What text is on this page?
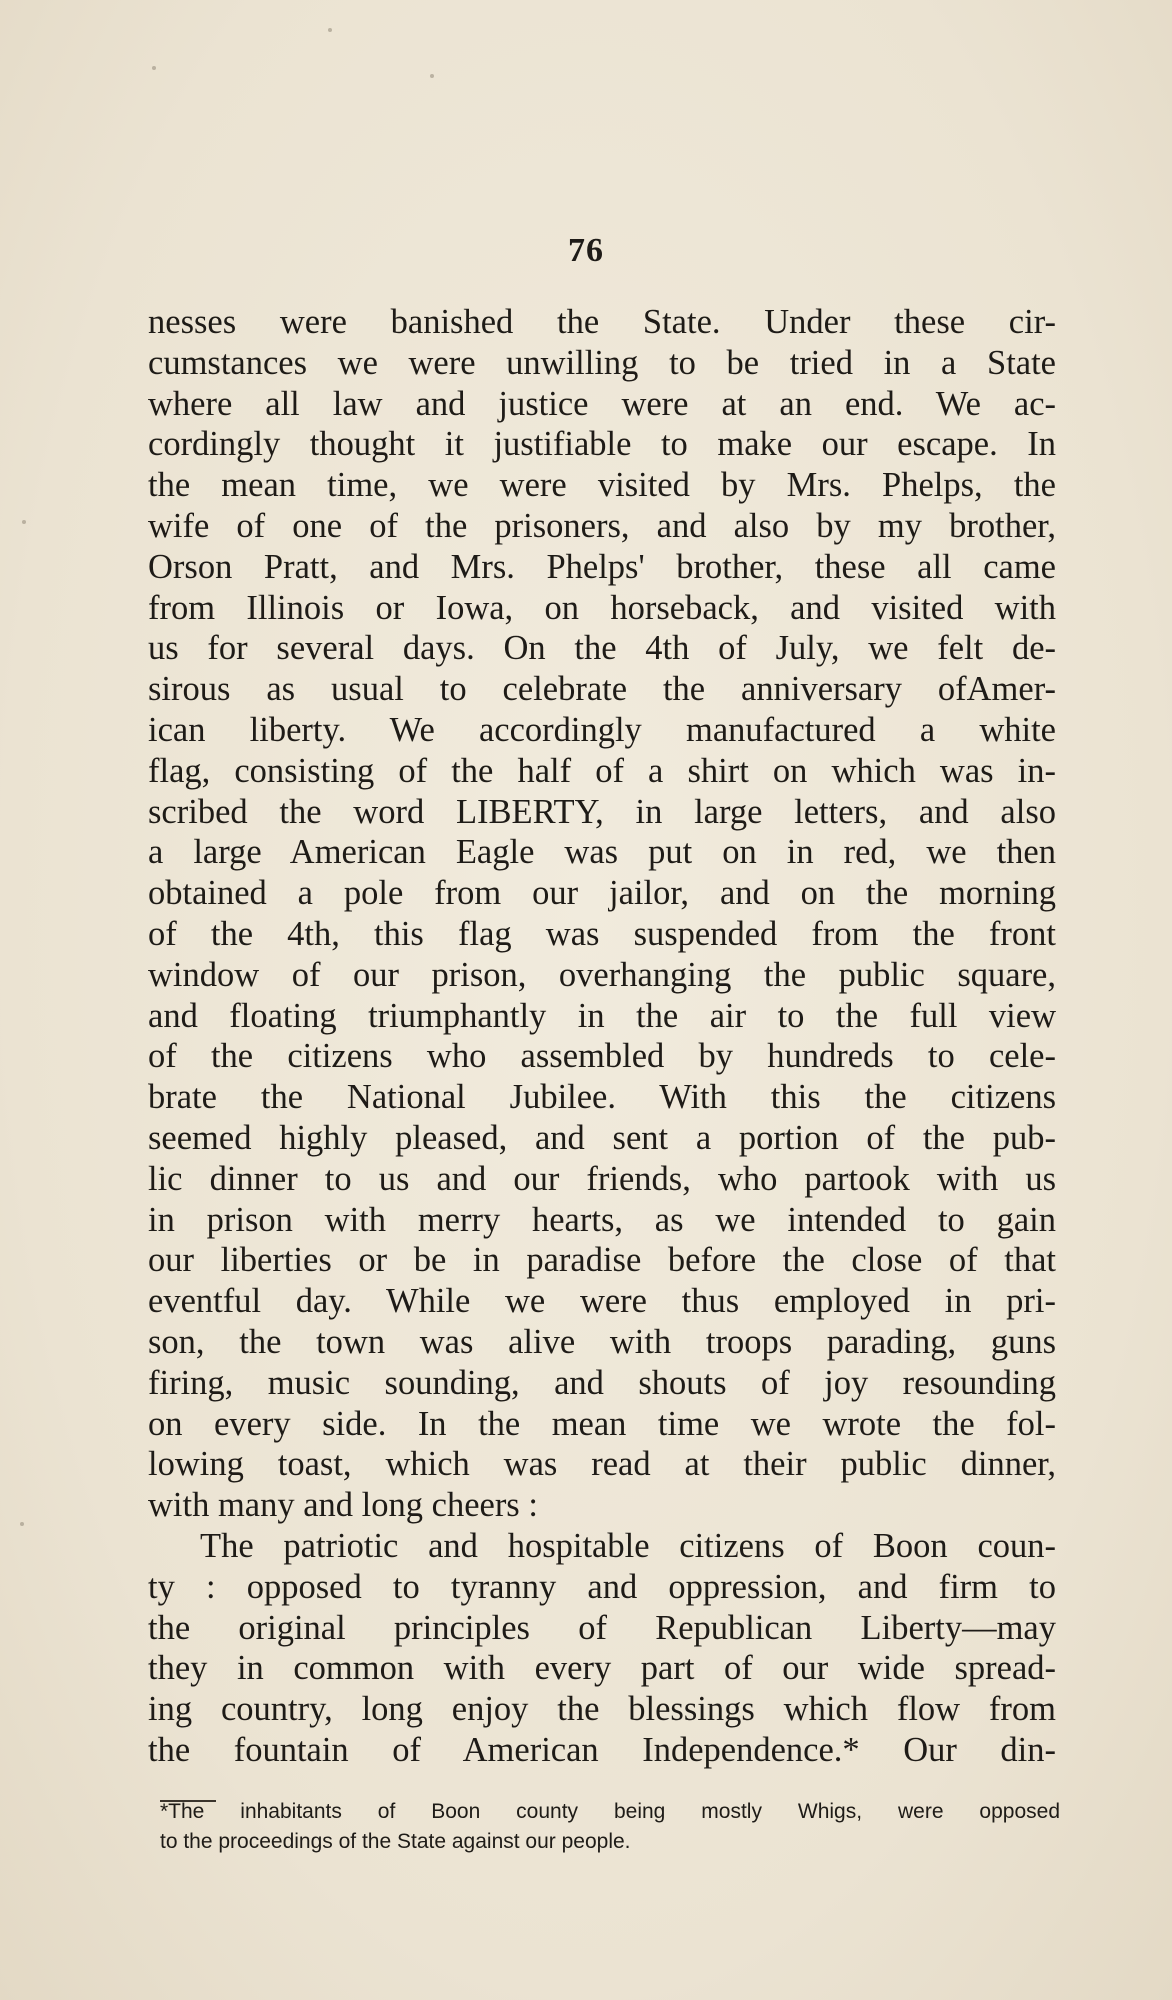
76
nesses were banished the State. Under these cir-
cumstances we were unwilling to be tried in a State
where all law and justice were at an end. We ac-
cordingly thought it justifiable to make our escape. In
the mean time, we were visited by Mrs. Phelps, the
wife of one of the prisoners, and also by my brother,
Orson Pratt, and Mrs. Phelps' brother, these all came
from Illinois or Iowa, on horseback, and visited with
us for several days. On the 4th of July, we felt de-
sirous as usual to celebrate the anniversary ofAmer-
ican liberty. We accordingly manufactured a white
flag, consisting of the half of a shirt on which was in-
scribed the word LIBERTY, in large letters, and also
a large American Eagle was put on in red, we then
obtained a pole from our jailor, and on the morning
of the 4th, this flag was suspended from the front
window of our prison, overhanging the public square,
and floating triumphantly in the air to the full view
of the citizens who assembled by hundreds to cele-
brate the National Jubilee. With this the citizens
seemed highly pleased, and sent a portion of the pub-
lic dinner to us and our friends, who partook with us
in prison with merry hearts, as we intended to gain
our liberties or be in paradise before the close of that
eventful day. While we were thus employed in pri-
son, the town was alive with troops parading, guns
firing, music sounding, and shouts of joy resounding
on every side. In the mean time we wrote the fol-
lowing toast, which was read at their public dinner,
with many and long cheers :
The patriotic and hospitable citizens of Boon coun-
ty : opposed to tyranny and oppression, and firm to
the original principles of Republican Liberty—may
they in common with every part of our wide spread-
ing country, long enjoy the blessings which flow from
the fountain of American Independence.* Our din-
*The inhabitants of Boon county being mostly Whigs, were opposed
to the proceedings of the State against our people.
